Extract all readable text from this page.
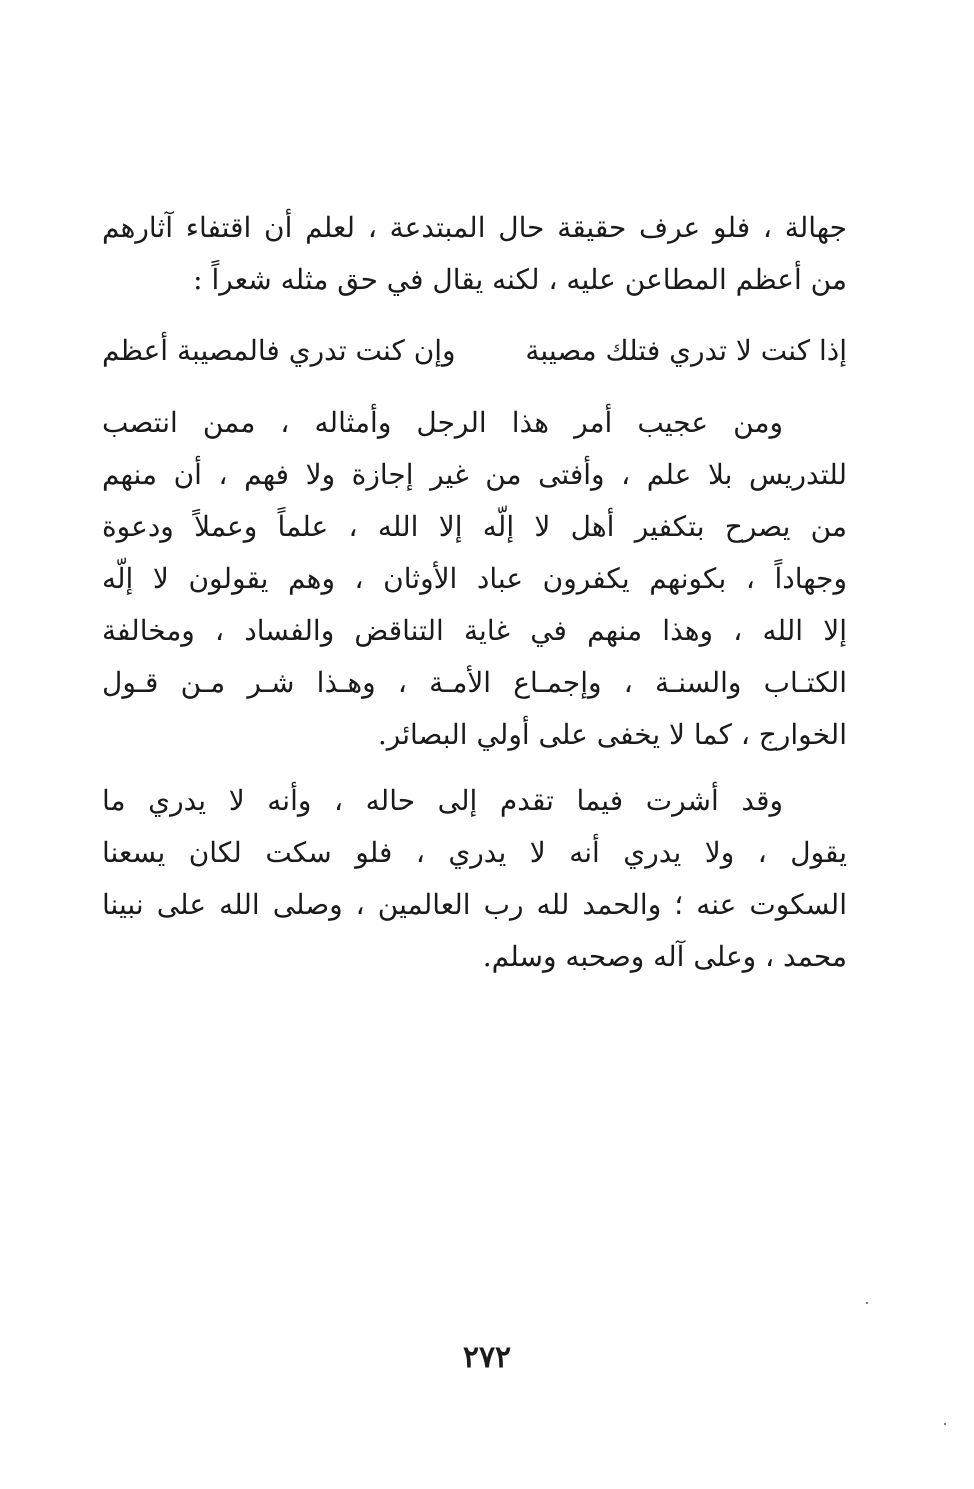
جهالة ، فلو عرف حقيقة حال المبتدعة ، لعلم أن اقتفاء آثارهم
من أعظم المطاعن عليه ، لكنه يقال في حق مثله شعراً :
إذا كنت لا تدري فتلك مصيبة
وإن كنت تدري فالمصيبة أعظم
ومن عجيب أمر هذا الرجل وأمثاله ، ممن انتصب
للتدريس بلا علم ، وأفتى من غير إجازة ولا فهم ، أن منهم
من يصرح بتكفير أهل لا إلّه إلا الله ، علماً وعملاً ودعوة
وجهاداً ، بكونهم يكفرون عباد الأوثان ، وهم يقولون لا إلّه
إلا الله ، وهذا منهم في غاية التناقض والفساد ، ومخالفة
الكتـاب والسنـة ، وإجمـاع الأمـة ، وهـذا شـر مـن قـول
الخوارج ، كما لا يخفى على أولي البصائر.
وقد أشرت فيما تقدم إلى حاله ، وأنه لا يدري ما
يقول ، ولا يدري أنه لا يدري ، فلو سكت لكان يسعنا
السكوت عنه ؛ والحمد لله رب العالمين ، وصلى الله على نبينا
محمد ، وعلى آله وصحبه وسلم.
٢٧٢
